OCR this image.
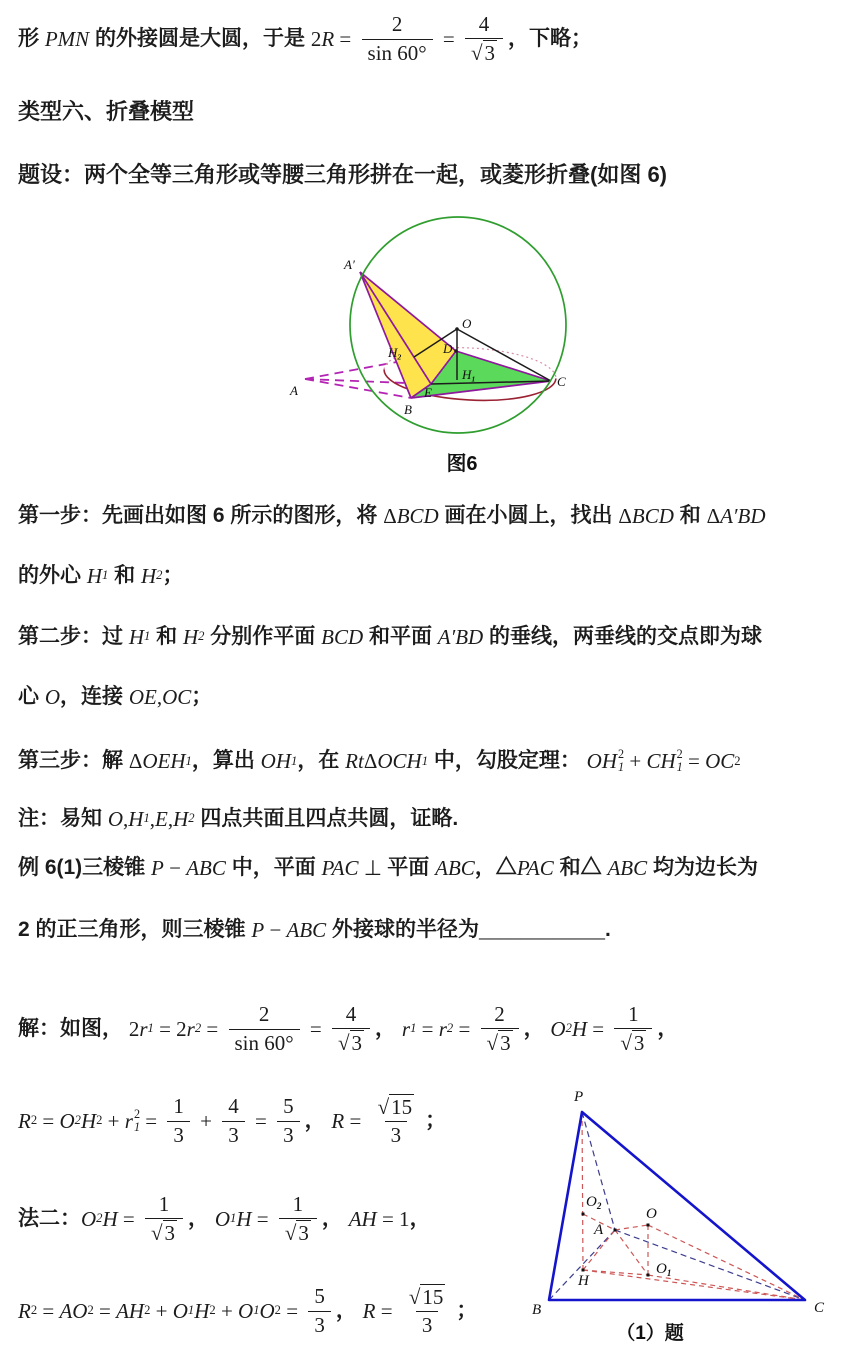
形 PMN 的外接圆是大圆，于是 2 $R = \frac{2}{\sin 60^\circ} = \frac{4}{√ 3}$ ，下略；
类型六、折叠模型
题设：两个全等三角形或等腰三角形拼在一起，或菱形折叠(如图 6)
A′
O
$H_2$
D
$H_1$
E
B
A
C
图6
第一步： 先画出如图 6 所示的图形，将 Δ BCD 画在小圆上，找出 Δ BCD 和 Δ A′BD
的外心 H 1 和 H 2 ；
第二步： 过 H 1 和 H 2 分别作平面 BCD 和平面 A′BD 的垂线，两垂线的交点即为球
心 O ，连接 OE , OC ；
第三步： 解 Δ OEH 1 ，算出 OH 1 ，在 Rt Δ OCH 1 中，勾股定理： OH 2
1 + CH 2
1 = OC 2
注： 易知 O , H 1 , E , H 2 四点共面且四点共圆，证略.
例 6(1)三棱锥 P − ABC 中，平面 PAC ⊥ 平面 ABC ，△ PAC 和△ ABC 均为边长为
2 的正三角形，则三棱锥 P − ABC 外接球的半径为 ____________ .
解： 如图， 2 r 1 = 2 r $2 = \frac{2}{\sin 60^\circ} = \frac{4}{√ 3}$ ， r 1 = r $2 = \frac{2}{√ 3}$ ， O 2 $H = \frac{1}{√ 3}$ ，
R 2 = O 2 H 2 + r 2
$1 = \frac{1}{3} + \frac{4}{3} = \frac{5}{3}$ ， $R = \frac{√ 15}{3}$ ；
法二： O 2 $H = \frac{1}{√ 3}$ ， O 1 $H = \frac{1}{√ 3}$ ， AH = 1 ，
R 2 = AO 2 = AH 2 + O 1 H 2 + O 1 O $2 = \frac{5}{3}$ ， $R = \frac{√ 15}{3}$ ；
P
B	C
$O_2$	O
A
H
$O_1$
（1）题
